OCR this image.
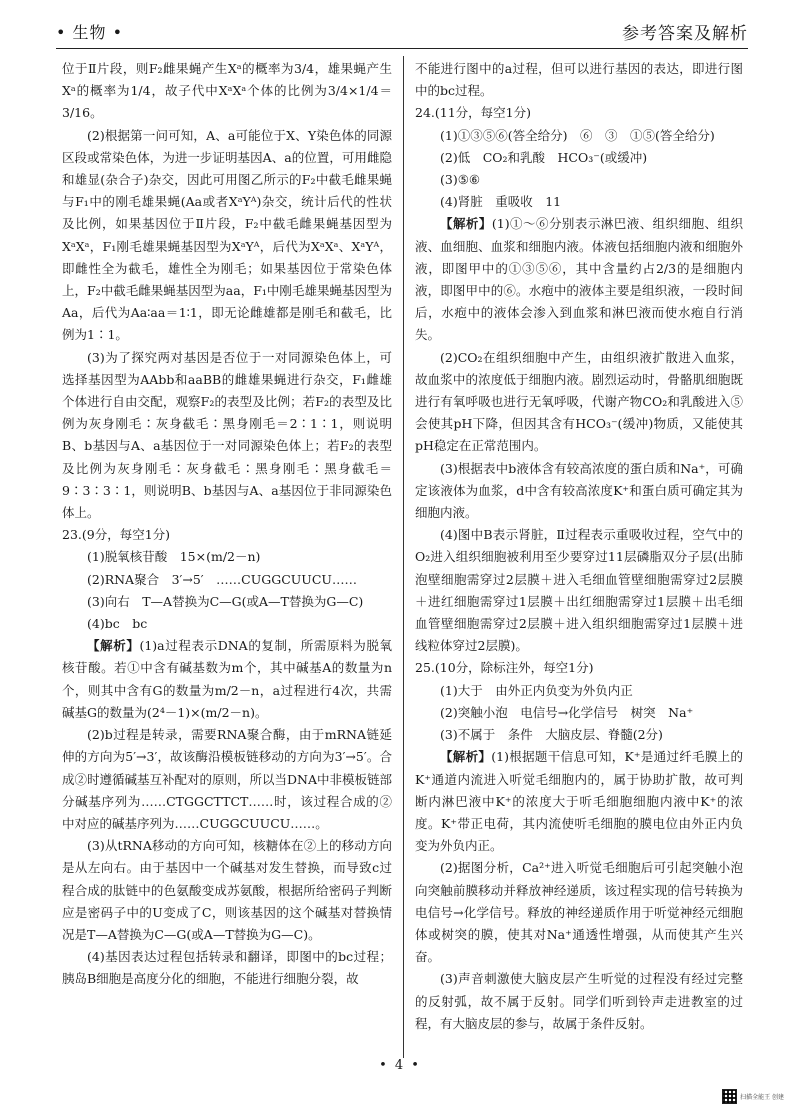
• 生物 •	参考答案及解析

位于Ⅱ片段，则F₂雌果蝇产生Xᵃ的概率为3/4，雄果蝇产生Xᵃ的概率为1/4，故子代中XᵃXᵃ个体的比例为3/4×1/4＝3/16。

(2)根据第一问可知，A、a可能位于X、Y染色体的同源区段或常染色体，为进一步证明基因A、a的位置，可用雌隐和雄显(杂合子)杂交，因此可用图乙所示的F₂中截毛雌果蝇与F₁中的刚毛雄果蝇(Aa或者XᵃYᴬ)杂交，统计后代的性状及比例，如果基因位于Ⅱ片段，F₂中截毛雌果蝇基因型为XᵃXᵃ，F₁刚毛雄果蝇基因型为XᵃYᴬ，后代为XᵃXᵃ、XᵃYᴬ，即雌性全为截毛，雄性全为刚毛；如果基因位于常染色体上，F₂中截毛雌果蝇基因型为aa，F₁中刚毛雄果蝇基因型为Aa，后代为Aa∶aa＝1∶1，即无论雌雄都是刚毛和截毛，比例为1∶1。

(3)为了探究两对基因是否位于一对同源染色体上，可选择基因型为AAbb和aaBB的雌雄果蝇进行杂交，F₁雌雄个体进行自由交配，观察F₂的表型及比例；若F₂的表型及比例为灰身刚毛∶灰身截毛∶黑身刚毛＝2∶1∶1，则说明B、b基因与A、a基因位于一对同源染色体上；若F₂的表型及比例为灰身刚毛∶灰身截毛∶黑身刚毛∶黑身截毛＝9∶3∶3∶1，则说明B、b基因与A、a基因位于非同源染色体上。

23.(9分，每空1分)

(1)脱氧核苷酸　15×(m/2－n)

(2)RNA聚合　3′→5′　……CUGGCUUCU……

(3)向右　T—A替换为C—G(或A—T替换为G—C)

(4)bc　bc

【解析】(1)a过程表示DNA的复制，所需原料为脱氧核苷酸。若①中含有碱基数为m个，其中碱基A的数量为n个，则其中含有G的数量为m/2－n，a过程进行4次，共需碱基G的数量为(2⁴－1)×(m/2－n)。

(2)b过程是转录，需要RNA聚合酶，由于mRNA链延伸的方向为5′→3′，故该酶沿模板链移动的方向为3′→5′。合成②时遵循碱基互补配对的原则，所以当DNA中非模板链部分碱基序列为……CTGGCTTCT……时，该过程合成的②中对应的碱基序列为……CUGGCUUCU……。

(3)从tRNA移动的方向可知，核糖体在②上的移动方向是从左向右。由于基因中一个碱基对发生替换，而导致c过程合成的肽链中的色氨酸变成苏氨酸，根据所给密码子判断应是密码子中的U变成了C，则该基因的这个碱基对替换情况是T—A替换为C—G(或A—T替换为G—C)。

(4)基因表达过程包括转录和翻译，即图中的bc过程；胰岛B细胞是高度分化的细胞，不能进行细胞分裂，故

不能进行图中的a过程，但可以进行基因的表达，即进行图中的bc过程。

24.(11分，每空1分)

(1)①③⑤⑥(答全给分)　⑥　③　①⑤(答全给分)

(2)低　CO₂和乳酸　HCO₃⁻(或缓冲)

(3)⑤⑥

(4)肾脏　重吸收　11

【解析】(1)①～⑥分别表示淋巴液、组织细胞、组织液、血细胞、血浆和细胞内液。体液包括细胞内液和细胞外液，即图甲中的①③⑤⑥，其中含量约占2/3的是细胞内液，即图甲中的⑥。水疱中的液体主要是组织液，一段时间后，水疱中的液体会渗入到血浆和淋巴液而使水疱自行消失。

(2)CO₂在组织细胞中产生，由组织液扩散进入血浆，故血浆中的浓度低于细胞内液。剧烈运动时，骨骼肌细胞既进行有氧呼吸也进行无氧呼吸，代谢产物CO₂和乳酸进入⑤会使其pH下降，但因其含有HCO₃⁻(缓冲)物质，又能使其pH稳定在正常范围内。

(3)根据表中b液体含有较高浓度的蛋白质和Na⁺，可确定该液体为血浆，d中含有较高浓度K⁺和蛋白质可确定其为细胞内液。

(4)图中B表示肾脏，Ⅱ过程表示重吸收过程，空气中的O₂进入组织细胞被利用至少要穿过11层磷脂双分子层(出肺泡壁细胞需穿过2层膜＋进入毛细血管壁细胞需穿过2层膜＋进红细胞需穿过1层膜＋出红细胞需穿过1层膜＋出毛细血管壁细胞需穿过2层膜＋进入组织细胞需穿过1层膜＋进线粒体穿过2层膜)。

25.(10分，除标注外，每空1分)

(1)大于　由外正内负变为外负内正

(2)突触小泡　电信号→化学信号　树突　Na⁺

(3)不属于　条件　大脑皮层、脊髓(2分)

【解析】(1)根据题干信息可知，K⁺是通过纤毛膜上的K⁺通道内流进入听觉毛细胞内的，属于协助扩散，故可判断内淋巴液中K⁺的浓度大于听毛细胞细胞内液中K⁺的浓度。K⁺带正电荷，其内流使听毛细胞的膜电位由外正内负变为外负内正。

(2)据图分析，Ca²⁺进入听觉毛细胞后可引起突触小泡向突触前膜移动并释放神经递质，该过程实现的信号转换为电信号→化学信号。释放的神经递质作用于听觉神经元细胞体或树突的膜，使其对Na⁺通透性增强，从而使其产生兴奋。

(3)声音刺激使大脑皮层产生听觉的过程没有经过完整的反射弧，故不属于反射。同学们听到铃声走进教室的过程，有大脑皮层的参与，故属于条件反射。

• 4 •
扫描全能王 创建
